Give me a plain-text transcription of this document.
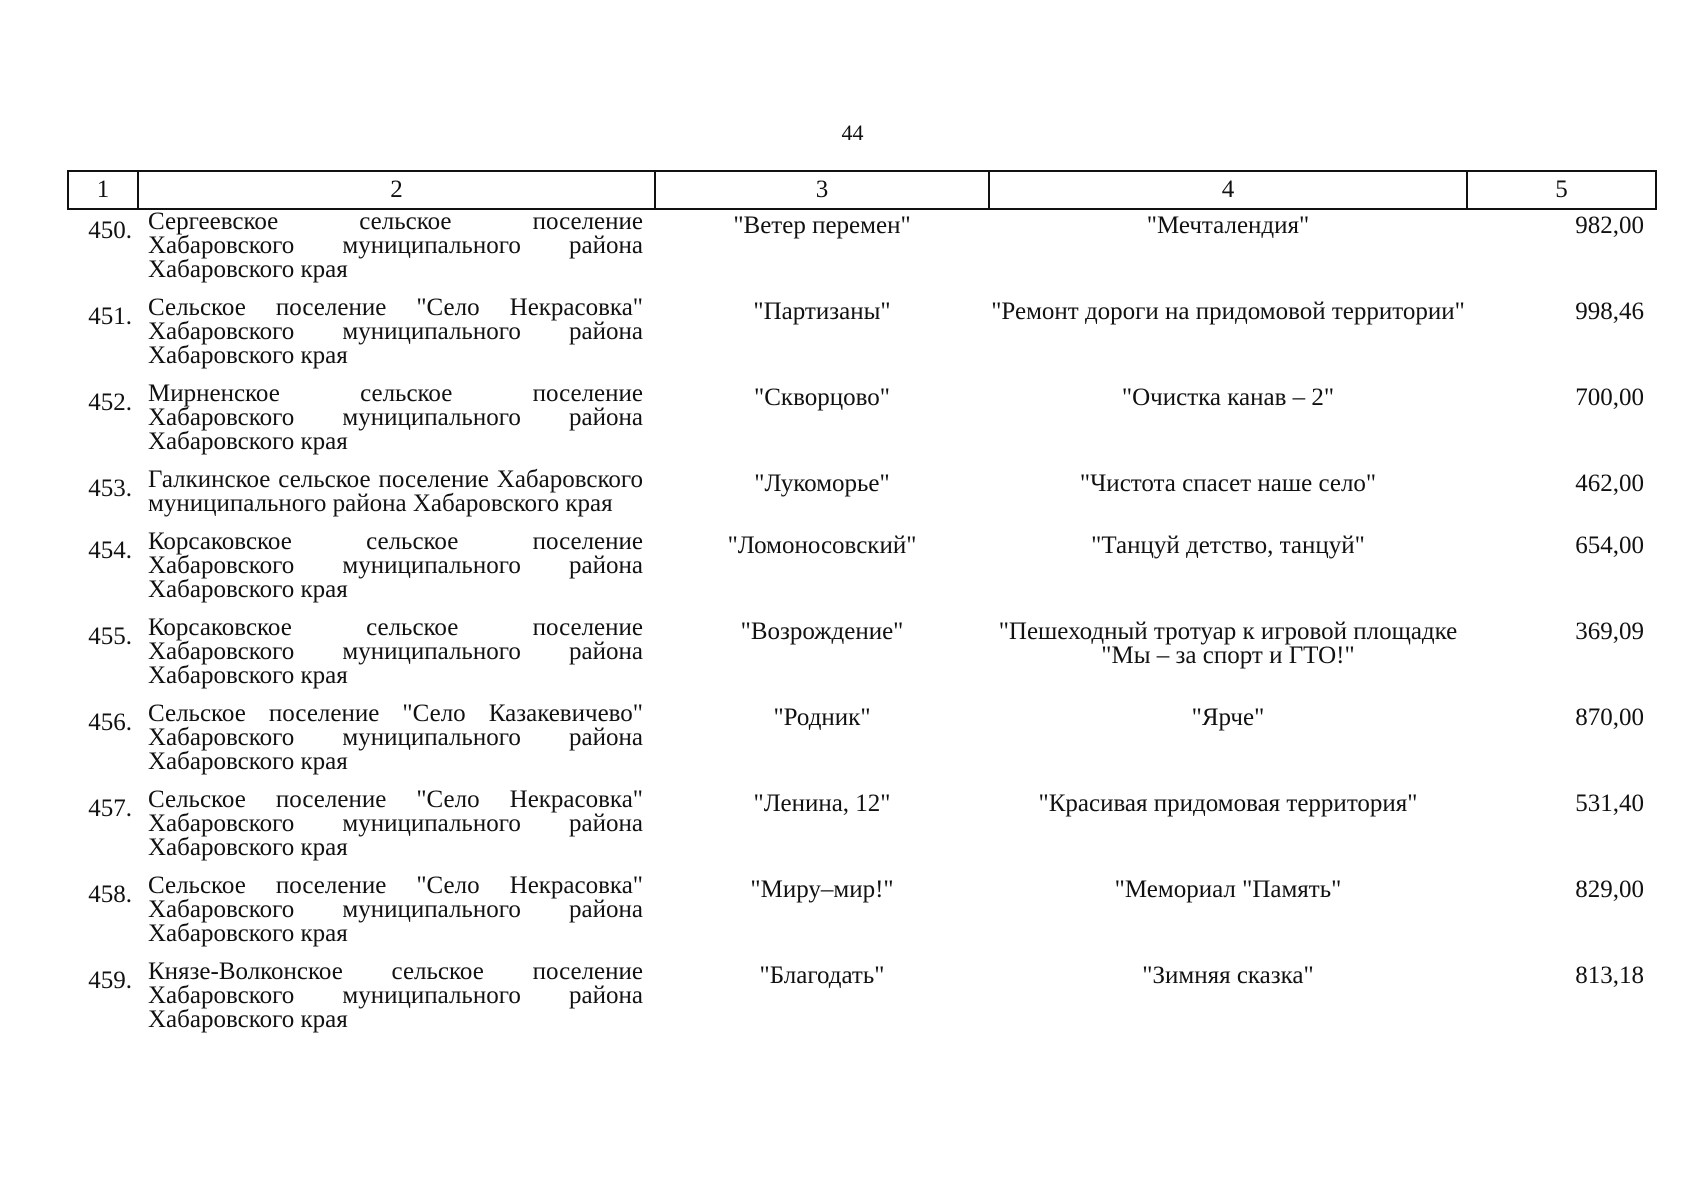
44
1	2	3	4	5
450.	Сергеевское сельское поселение Хабаровского муниципального района Хабаровского края	"Ветер перемен"	"Мечталендия"	982,00
451.	Сельское поселение "Село Некрасовка" Хабаровского муниципального района Хабаровского края	"Партизаны"	"Ремонт дороги на придомовой территории"	998,46
452.	Мирненское сельское поселение Хабаровского муниципального района Хабаровского края	"Скворцово"	"Очистка канав – 2"	700,00
453.	Галкинское сельское поселение Хабаровского муниципального района Хабаровского края	"Лукоморье"	"Чистота спасет наше село"	462,00
454.	Корсаковское сельское поселение Хабаровского муниципального района Хабаровского края	"Ломоносовский"	"Танцуй детство, танцуй"	654,00
455.	Корсаковское сельское поселение Хабаровского муниципального района Хабаровского края	"Возрождение"	"Пешеходный тротуар к игровой площадке "Мы – за спорт и ГТО!"	369,09
456.	Сельское поселение "Село Казакевичево" Хабаровского муниципального района Хабаровского края	"Родник"	"Ярче"	870,00
457.	Сельское поселение "Село Некрасовка" Хабаровского муниципального района Хабаровского края	"Ленина, 12"	"Красивая придомовая территория"	531,40
458.	Сельское поселение "Село Некрасовка" Хабаровского муниципального района Хабаровского края	"Миру–мир!"	"Мемориал "Память"	829,00
459.	Князе-Волконское сельское поселение Хабаровского муниципального района Хабаровского края	"Благодать"	"Зимняя сказка"	813,18
